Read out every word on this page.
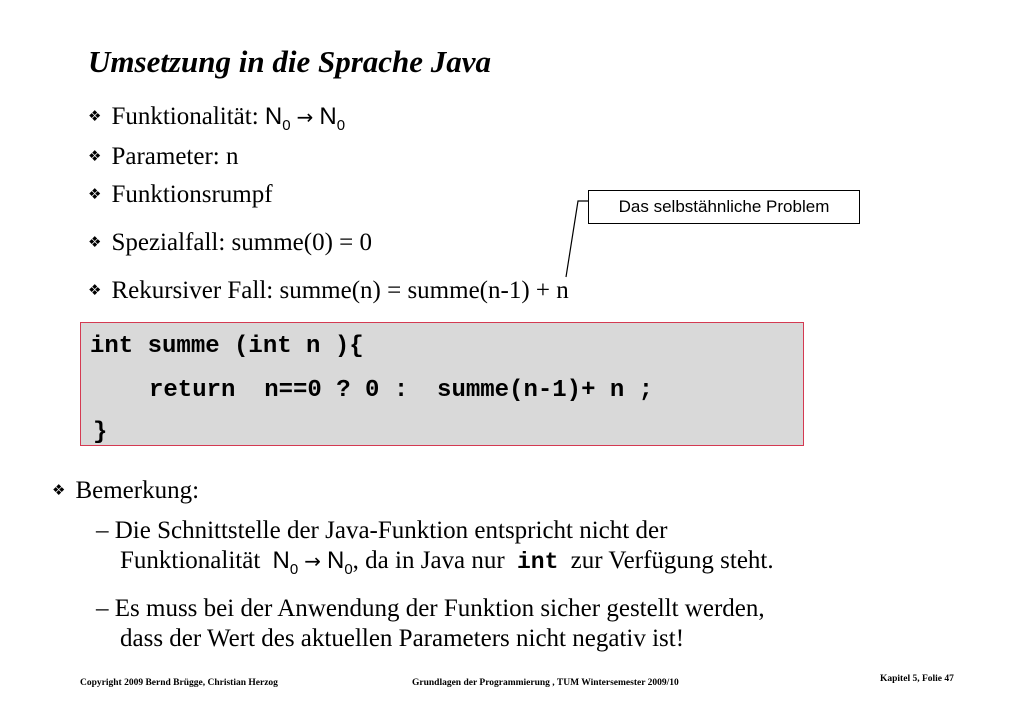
Umsetzung in die Sprache Java
❖ Funktionalität: $N_0 \to N_0$
❖ Parameter: n
❖ Funktionsrumpf
❖ Spezialfall: summe(0) = 0
❖ Rekursiver Fall: summe(n) = summe(n-1) + n
Das selbstähnliche Problem
int summe (int n ){
return  n==0 ? 0 :  summe(n-1)+ n ;
}
❖ Bemerkung:
– Die Schnittstelle der Java-Funktion entspricht nicht der
Funktionalität $N_0 \to N_0$, da in Java nur int zur Verfügung steht.
– Es muss bei der Anwendung der Funktion sicher gestellt werden,
dass der Wert des aktuellen Parameters nicht negativ ist!
Copyright 2009 Bernd Brügge, Christian Herzog	Grundlagen der Programmierung , TUM Wintersemester 2009/10	Kapitel 5, Folie 47
